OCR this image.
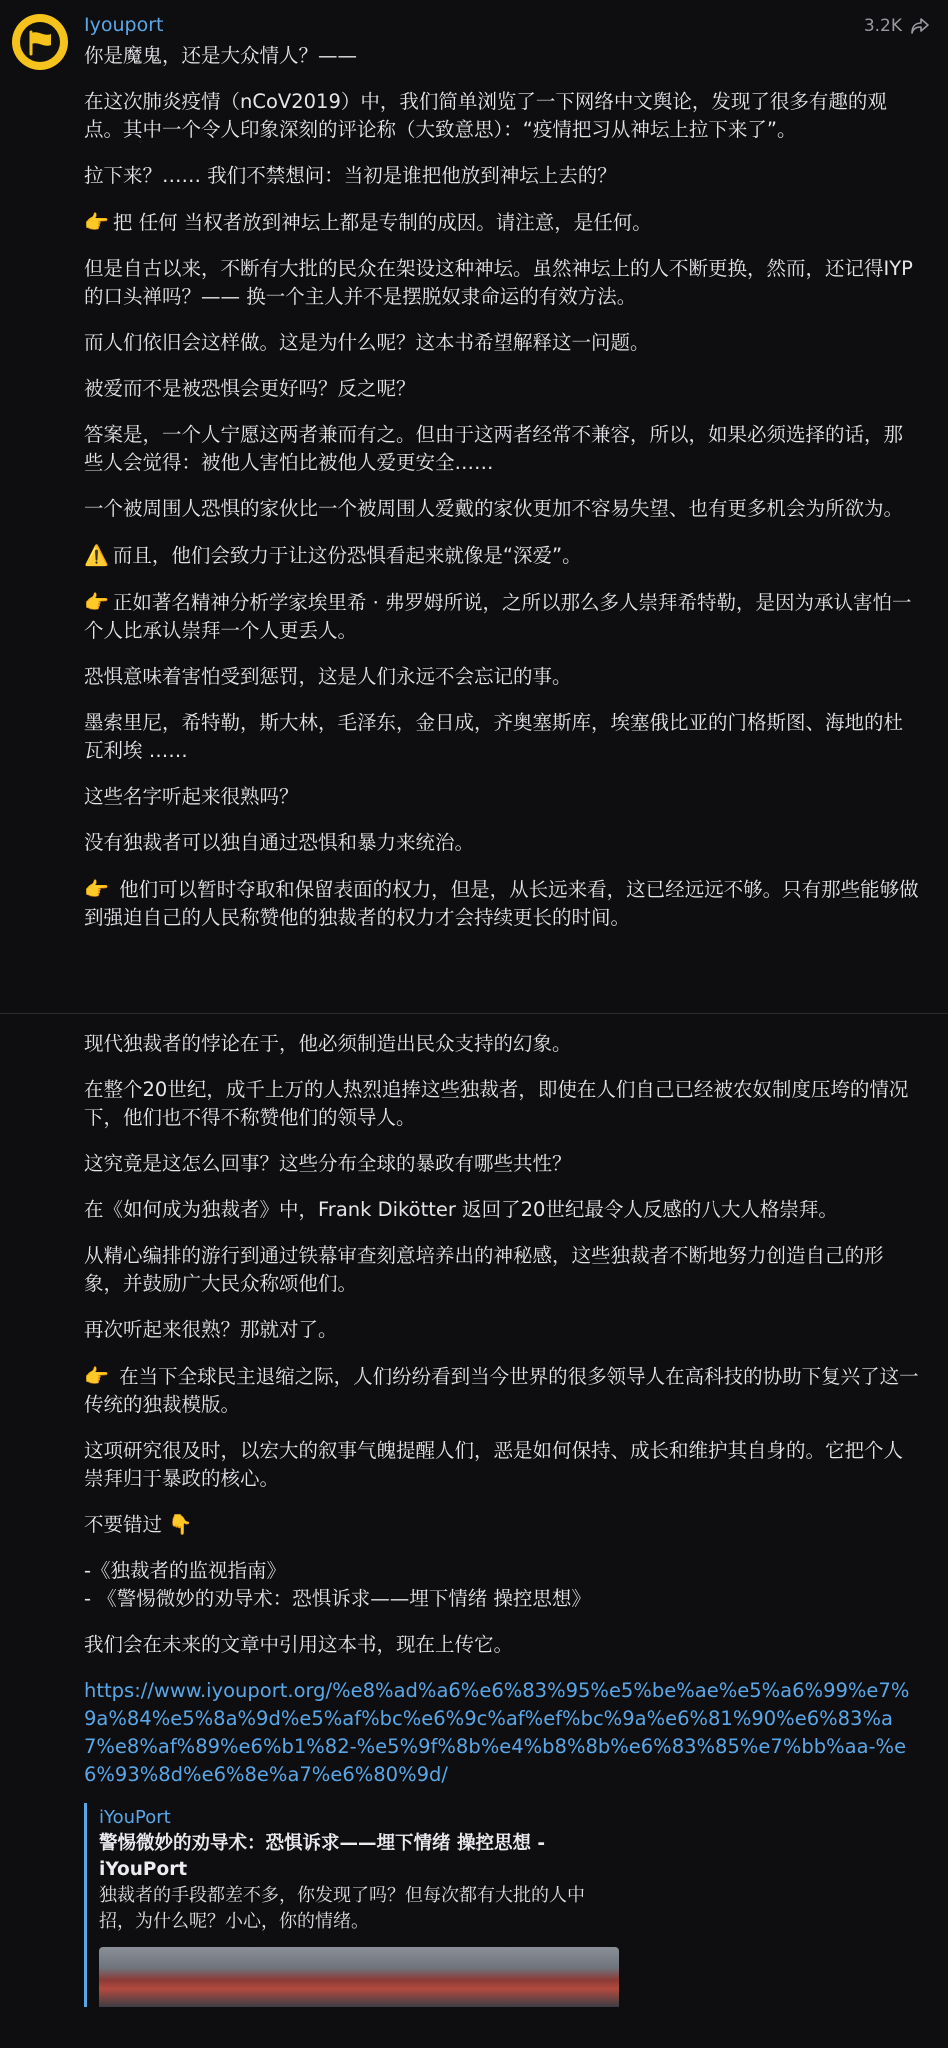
Iyouport	3.2K

你是魔鬼，还是大众情人？——

在这次肺炎疫情（nCoV2019）中，我们简单浏览了一下网络中文舆论，发现了很多有趣的观点。其中一个令人印象深刻的评论称（大致意思）：“疫情把习从神坛上拉下来了”。

拉下来？…… 我们不禁想问：当初是谁把他放到神坛上去的？

👉 把 任何 当权者放到神坛上都是专制的成因。请注意，是任何。

但是自古以来，不断有大批的民众在架设这种神坛。虽然神坛上的人不断更换，然而，还记得IYP的口头禅吗？—— 换一个主人并不是摆脱奴隶命运的有效方法。

而人们依旧会这样做。这是为什么呢？这本书希望解释这一问题。

被爱而不是被恐惧会更好吗？反之呢？

答案是，一个人宁愿这两者兼而有之。但由于这两者经常不兼容，所以，如果必须选择的话，那些人会觉得：被他人害怕比被他人爱更安全……

一个被周围人恐惧的家伙比一个被周围人爱戴的家伙更加不容易失望、也有更多机会为所欲为。

⚠️ 而且，他们会致力于让这份恐惧看起来就像是“深爱”。

👉 正如著名精神分析学家埃里希 · 弗罗姆所说，之所以那么多人崇拜希特勒，是因为承认害怕一个人比承认崇拜一个人更丢人。

恐惧意味着害怕受到惩罚，这是人们永远不会忘记的事。

墨索里尼，希特勒，斯大林，毛泽东，金日成，齐奥塞斯库，埃塞俄比亚的门格斯图、海地的杜瓦利埃 ……

这些名字听起来很熟吗？

没有独裁者可以独自通过恐惧和暴力来统治。

👉 他们可以暂时夺取和保留表面的权力，但是，从长远来看，这已经远远不够。只有那些能够做到强迫自己的人民称赞他的独裁者的权力才会持续更长的时间。

现代独裁者的悖论在于，他必须制造出民众支持的幻象。

在整个20世纪，成千上万的人热烈追捧这些独裁者，即使在人们自己已经被农奴制度压垮的情况下，他们也不得不称赞他们的领导人。

这究竟是这怎么回事？这些分布全球的暴政有哪些共性？

在《如何成为独裁者》中，Frank Dikötter 返回了20世纪最令人反感的八大人格崇拜。

从精心编排的游行到通过铁幕审查刻意培养出的神秘感，这些独裁者不断地努力创造自己的形象，并鼓励广大民众称颂他们。

再次听起来很熟？那就对了。

👉 在当下全球民主退缩之际，人们纷纷看到当今世界的很多领导人在高科技的协助下复兴了这一传统的独裁模版。

这项研究很及时，以宏大的叙事气魄提醒人们，恶是如何保持、成长和维护其自身的。它把个人崇拜归于暴政的核心。

不要错过 👇

-《独裁者的监视指南》
- 《警惕微妙的劝导术：恐惧诉求——埋下情绪 操控思想》

我们会在未来的文章中引用这本书，现在上传它。

https://www.iyouport.org/%e8%ad%a6%e6%83%95%e5%be%ae%e5%a6%99%e7%9a%84%e5%8a%9d%e5%af%bc%e6%9c%af%ef%bc%9a%e6%81%90%e6%83%a7%e8%af%89%e6%b1%82-%e5%9f%8b%e4%b8%8b%e6%83%85%e7%bb%aa-%e6%93%8d%e6%8e%a7%e6%80%9d/
iYouPort
警惕微妙的劝导术：恐惧诉求——埋下情绪 操控思想 - iYouPort
独裁者的手段都差不多，你发现了吗？但每次都有大批的人中招，为什么呢？小心，你的情绪。
